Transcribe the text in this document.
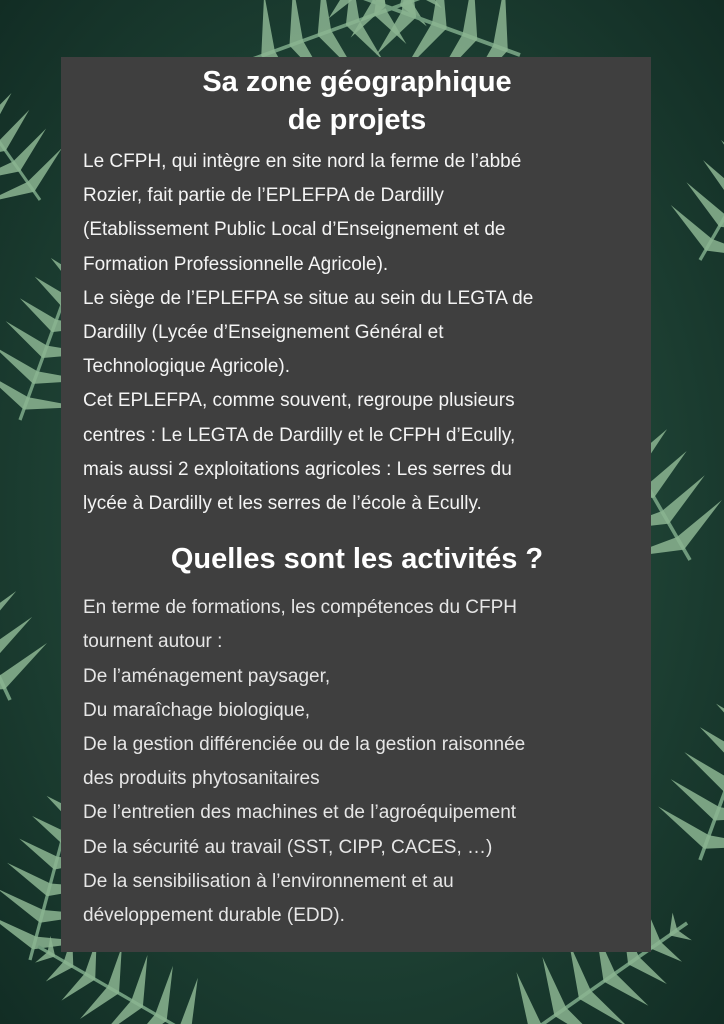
Sa zone géographique
de projets

Le CFPH, qui intègre en site nord la ferme de l’abbé
Rozier, fait partie de l’EPLEFPA de Dardilly
(Etablissement Public Local d’Enseignement et de
Formation Professionnelle Agricole).
Le siège de l’EPLEFPA se situe au sein du LEGTA de
Dardilly (Lycée d’Enseignement Général et
Technologique Agricole).
Cet EPLEFPA, comme souvent, regroupe plusieurs
centres : Le LEGTA de Dardilly et le CFPH d’Ecully,
mais aussi 2 exploitations agricoles : Les serres du
lycée à Dardilly et les serres de l’école à Ecully.

Quelles sont les activités ?

En terme de formations, les compétences du CFPH
tournent autour :
De l’aménagement paysager,
Du maraîchage biologique,
De la gestion différenciée ou de la gestion raisonnée
des produits phytosanitaires
De l’entretien des machines et de l’agroéquipement
De la sécurité au travail (SST, CIPP, CACES, …)
De la sensibilisation à l’environnement et au
développement durable (EDD).
